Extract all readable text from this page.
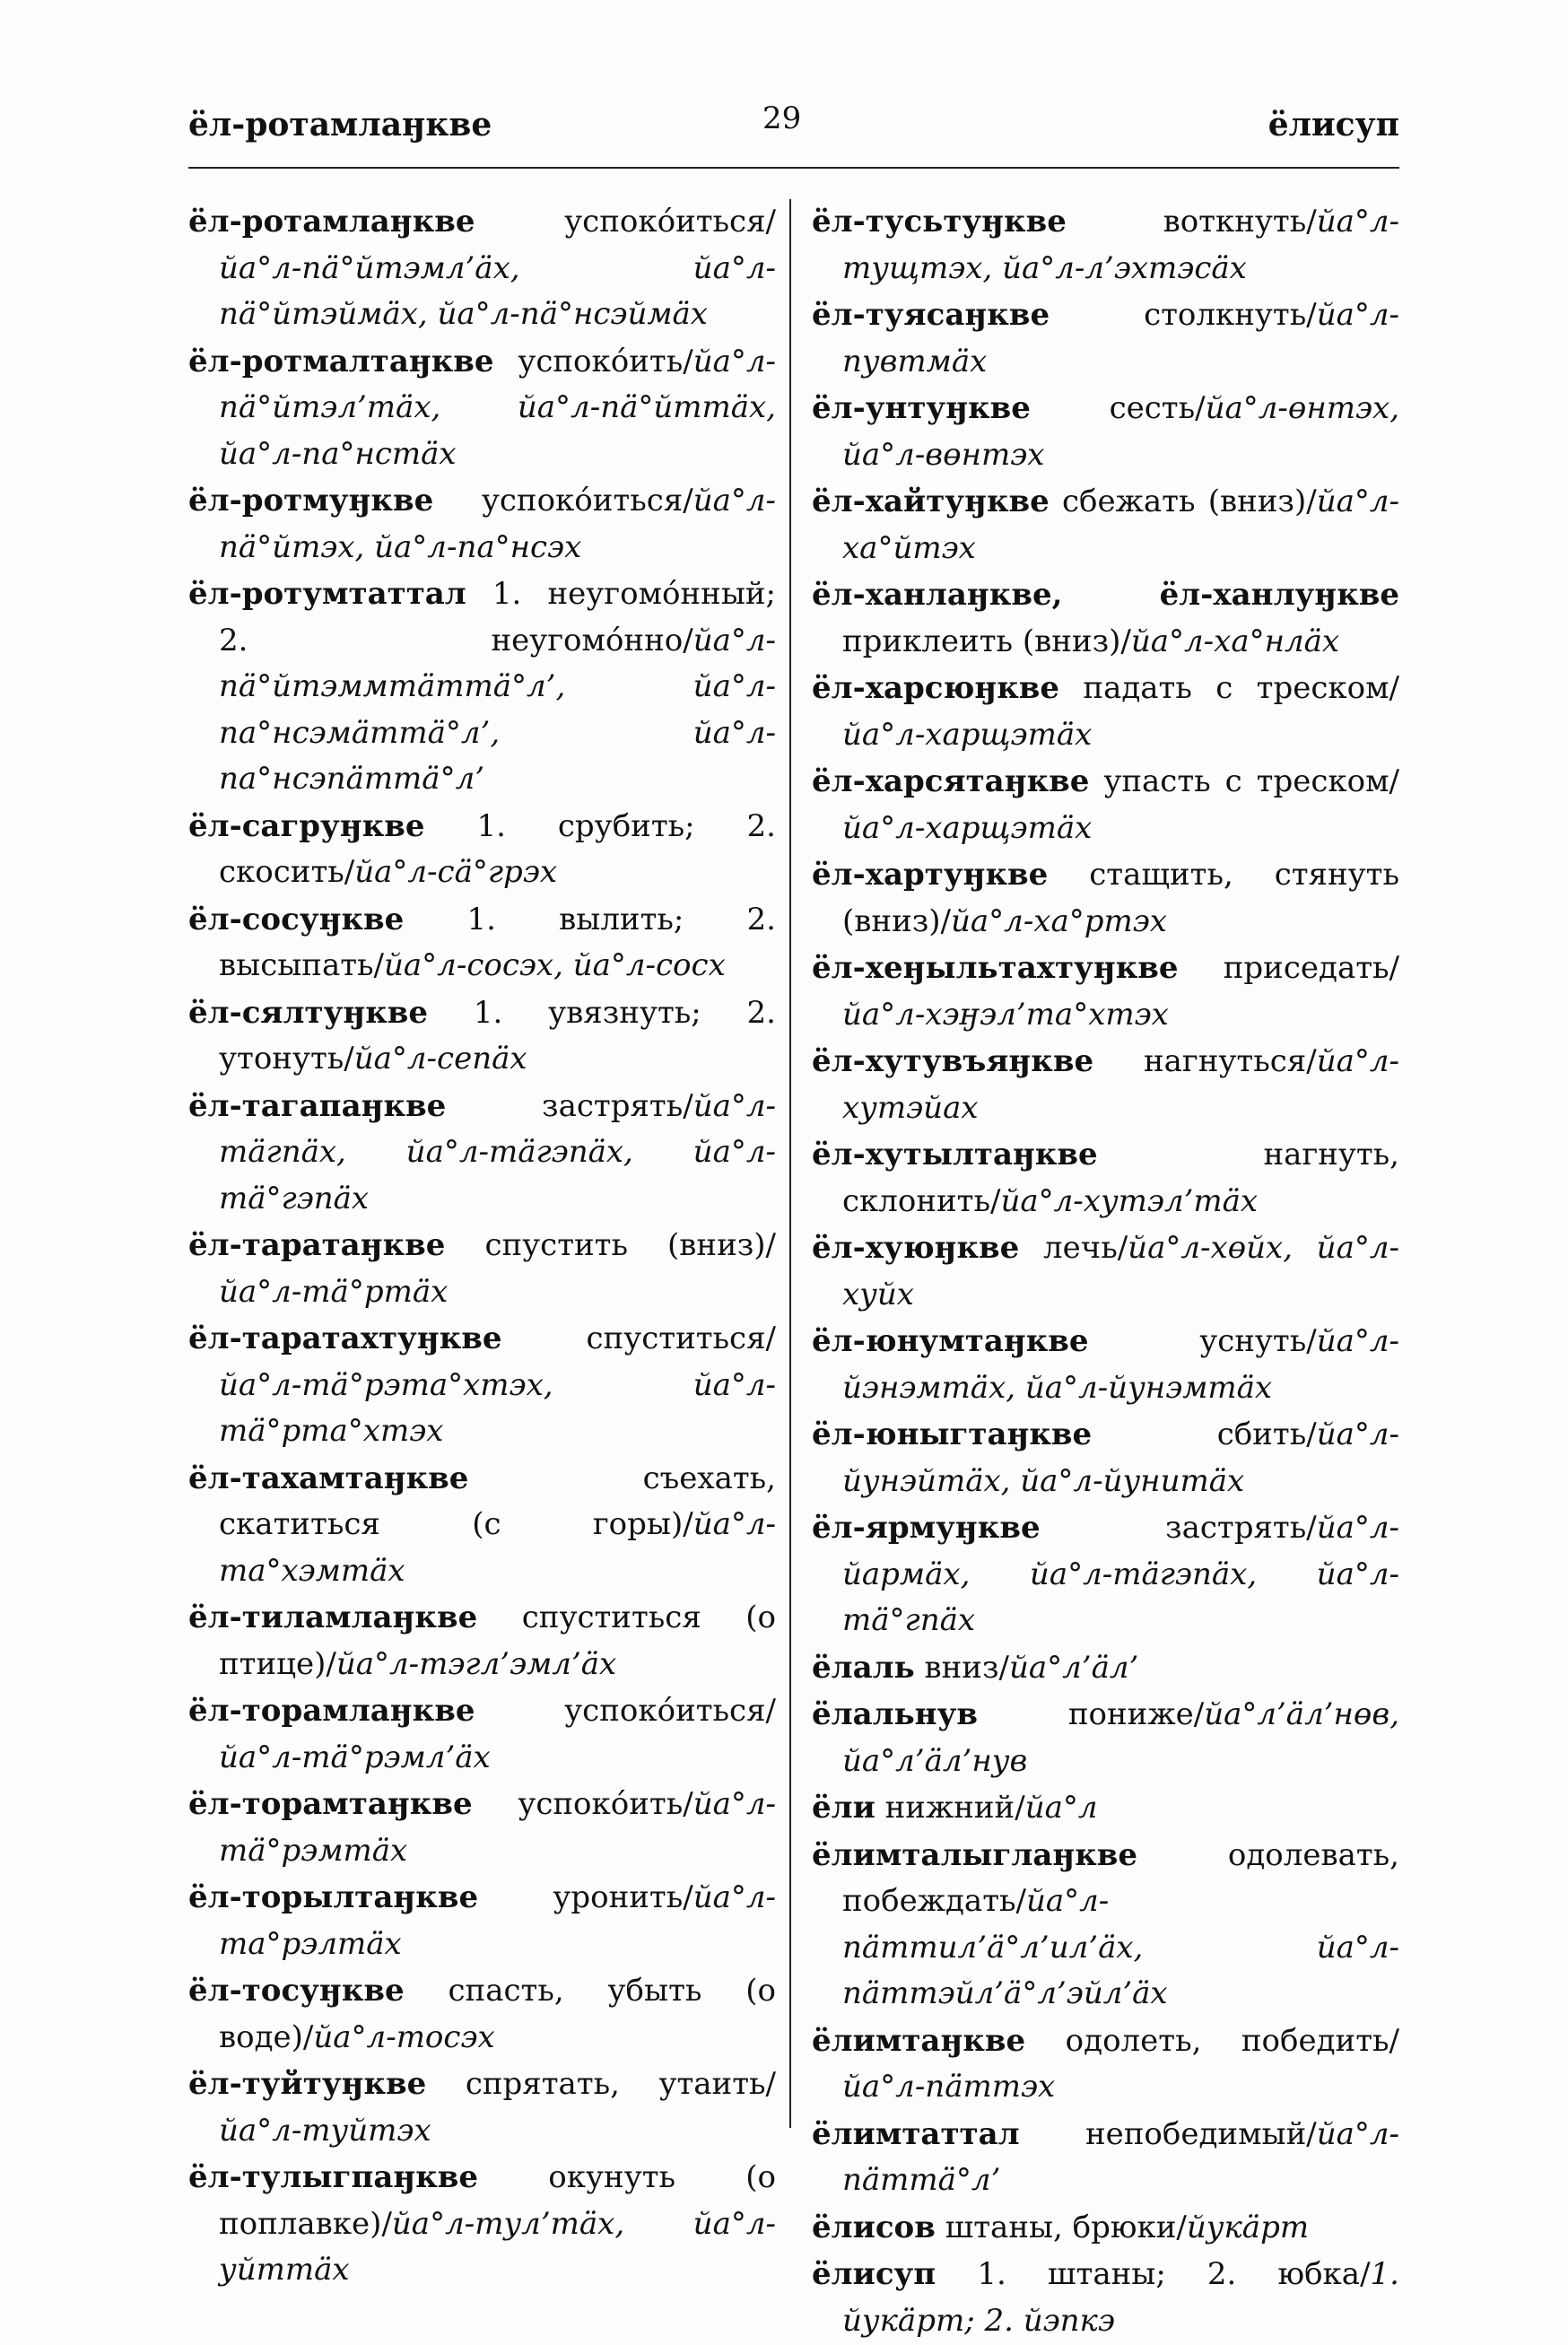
ёл-ротамлаӈкве	29	ёлисуп
ёл-ротамлаӈкве успокóиться/йа°л-пä°йтэмл’äх, йа°л-пä°йтэймäх, йа°л-пä°нсэймäх
ёл-ротмалтаӈкве успокóить/йа°л-пä°йтэл’тäх, йа°л-пä°йттäх, йа°л-па°нстäх
ёл-ротмуӈкве успокóиться/йа°л-пä°йтэх, йа°л-па°нсэх
ёл-ротумтаттал 1. неугомóнный; 2. неугомóнно/йа°л-пä°йтэммтäттä°л’, йа°л-па°нсэмäттä°л’, йа°л-па°нсэпäттä°л’
ёл-сагруӈкве 1. срубить; 2. скосить/йа°л-сä°грэх
ёл-сосуӈкве 1. вылить; 2. высыпать/йа°л-сосэх, йа°л-сосх
ёл-сялтуӈкве 1. увязнуть; 2. утонуть/йа°л-сепäх
ёл-тагапаӈкве застрять/йа°л-тäгпäх, йа°л-тäгэпäх, йа°л-тä°гэпäх
ёл-таратаӈкве спустить (вниз)/йа°л-тä°ртäх
ёл-таратахтуӈкве спуститься/йа°л-тä°рэта°хтэх, йа°л-тä°рта°хтэх
ёл-тахамтаӈкве съехать, скатиться (с горы)/йа°л-та°хэмтäх
ёл-тиламлаӈкве спуститься (о птице)/йа°л-тэгл’эмл’äх
ёл-торамлаӈкве успокóиться/йа°л-тä°рэмл’äх
ёл-торамтаӈкве успокóить/йа°л-тä°рэмтäх
ёл-торылтаӈкве уронить/йа°л-та°рэлтäх
ёл-тосуӈкве спасть, убыть (о воде)/йа°л-тосэх
ёл-туйтуӈкве спрятать, утаить/йа°л-туйтэх
ёл-тулыгпаӈкве окунуть (о поплавке)/йа°л-тул’тäх, йа°л-уйттäх
ёл-тусьтуӈкве воткнуть/йа°л-тущтэх, йа°л-л’эхтэсäх
ёл-туясаӈкве столкнуть/йа°л-пувтмäх
ёл-унтуӈкве сесть/йа°л-өнтэх, йа°л-вөнтэх
ёл-хайтуӈкве сбежать (вниз)/йа°л-ха°йтэх
ёл-ханлаӈкве, ёл-ханлуӈкве приклеить (вниз)/йа°л-ха°нлäх
ёл-харсюӈкве падать с треском/йа°л-харщэтäх
ёл-харсятаӈкве упасть с треском/йа°л-харщэтäх
ёл-хартуӈкве стащить, стянуть (вниз)/йа°л-ха°ртэх
ёл-хеӈыльтахтуӈкве приседать/йа°л-хэӈэл’та°хтэх
ёл-хутувъяӈкве нагнуться/йа°л-хутэйах
ёл-хутылтаӈкве нагнуть, склонить/йа°л-хутэл’тäх
ёл-хуюӈкве лечь/йа°л-хөйх, йа°л-хуйх
ёл-юнумтаӈкве уснуть/йа°л-йэнэмтäх, йа°л-йунэмтäх
ёл-юныгтаӈкве сбить/йа°л-йунэйтäх, йа°л-йунитäх
ёл-ярмуӈкве застрять/йа°л-йармäх, йа°л-тäгэпäх, йа°л-тä°гпäх
ёлаль вниз/йа°л’äл’
ёлальнув пониже/йа°л’äл’нөв, йа°л’äл’нув
ёли нижний/йа°л
ёлимталыглаӈкве одолевать, побеждать/йа°л-пäттил’ä°л’ил’äх, йа°л-пäттэйл’ä°л’эйл’äх
ёлимтаӈкве одолеть, победить/йа°л-пäттэх
ёлимтаттал непобедимый/йа°л-пäттä°л’
ёлисов штаны, брюки/йукäрт
ёлисуп 1. штаны; 2. юбка/1. йукäрт; 2. йэпкэ
